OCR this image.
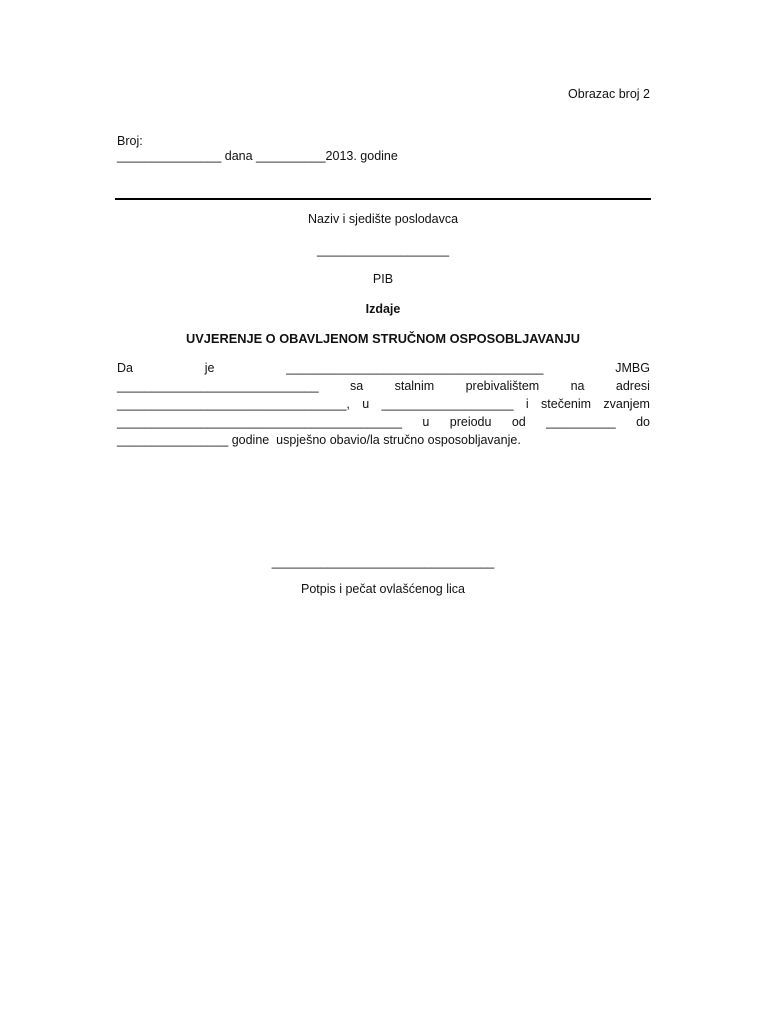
Obrazac broj 2
Broj:
_______________ dana __________2013. godine
Naziv i sjedište poslodavca
___________________
PIB
Izdaje
UVJERENJE O OBAVLJENOM STRUČNOM OSPOSOBLJAVANJU
Da	je	_____________________________________	JMBG
_____________________________	sa	stalnim	prebivalištem	na	adresi
_________________________________, u ___________________ i stečenim zvanjem
_________________________________________ u preiodu od __________ do
________________ godine  uspješno obavio/la stručno osposobljavanje.
________________________________
Potpis i pečat ovlašćenog lica
